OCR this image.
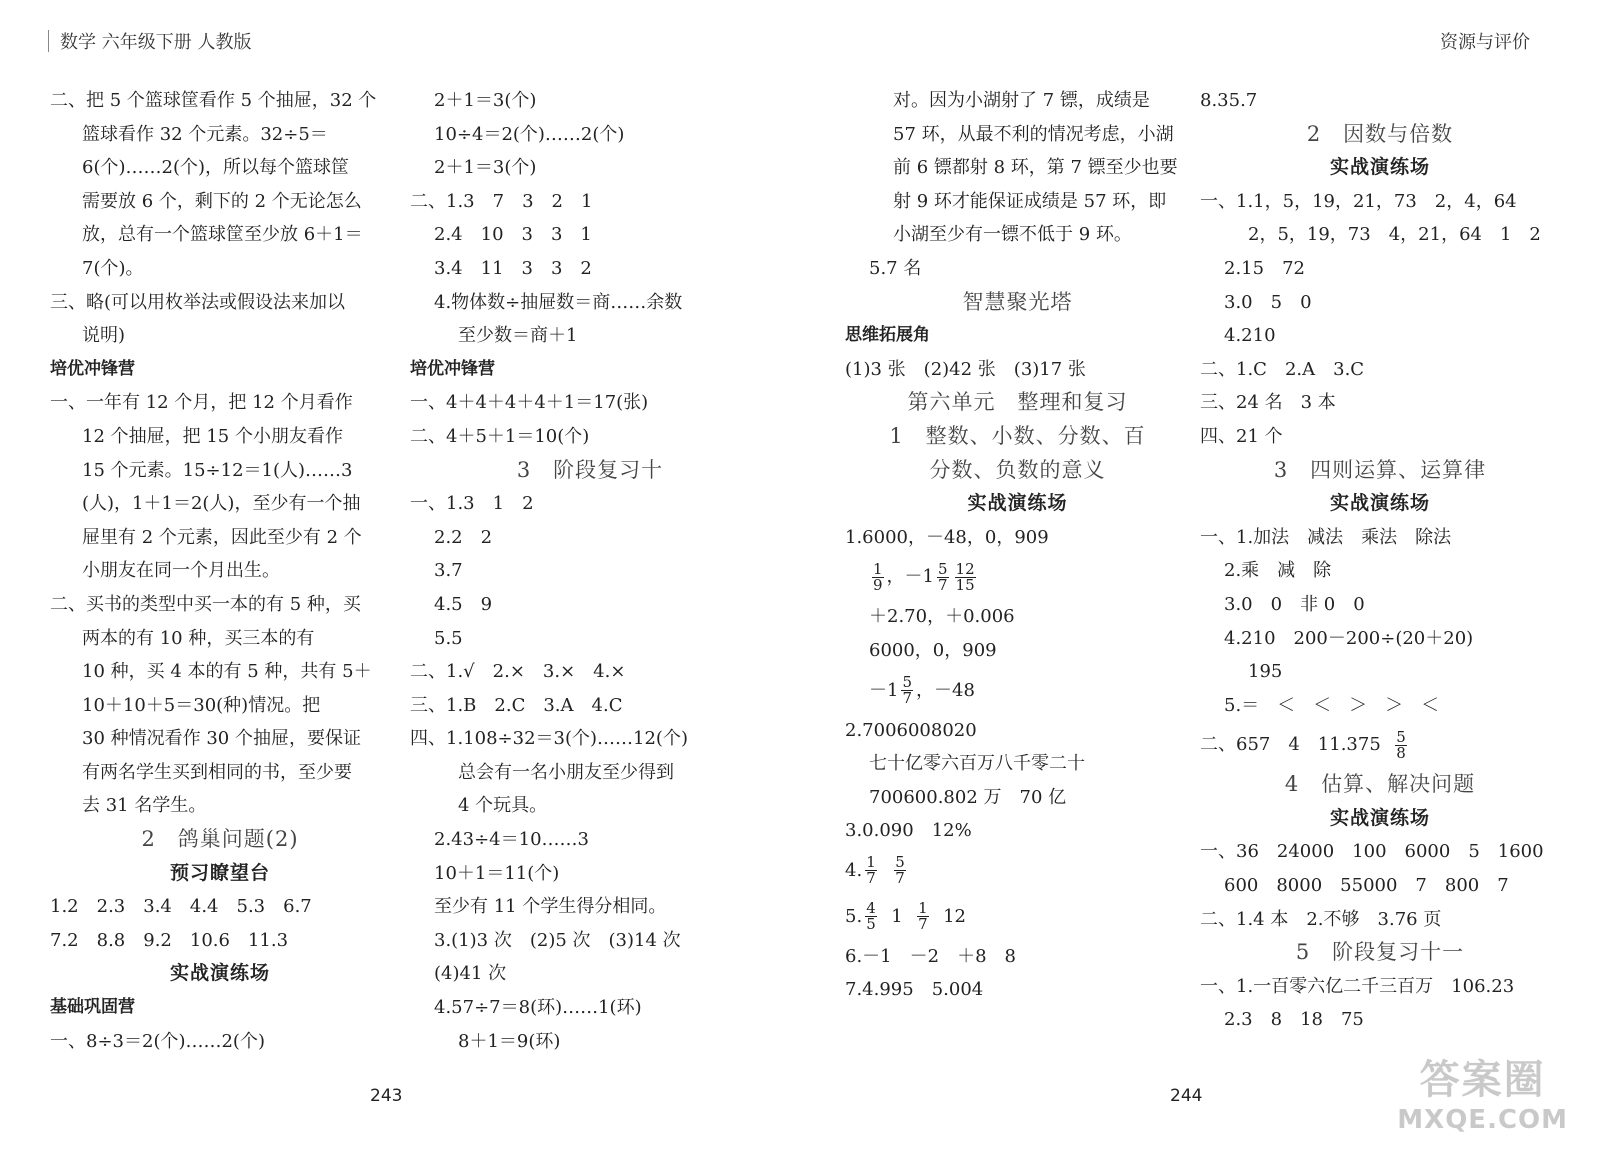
数学 六年级下册 人教版	资源与评价
二、把 5 个篮球筐看作 5 个抽屉，32 个
篮球看作 32 个元素。32÷5＝
6(个)……2(个)，所以每个篮球筐
需要放 6 个，剩下的 2 个无论怎么
放，总有一个篮球筐至少放 6＋1＝
7(个)。
三、略(可以用枚举法或假设法来加以
说明)
培优冲锋营
一、一年有 12 个月，把 12 个月看作
12 个抽屉，把 15 个小朋友看作
15 个元素。15÷12＝1(人)……3
(人)，1＋1＝2(人)，至少有一个抽
屉里有 2 个元素，因此至少有 2 个
小朋友在同一个月出生。
二、买书的类型中买一本的有 5 种，买
两本的有 10 种，买三本的有
10 种，买 4 本的有 5 种，共有 5＋
10＋10＋5＝30(种)情况。把
30 种情况看作 30 个抽屉，要保证
有两名学生买到相同的书，至少要
去 31 名学生。
2　鸽巢问题(2)
预习瞭望台
1.2　2.3　3.4　4.4　5.3　6.7
7.2　8.8　9.2　10.6　11.3
实战演练场
基础巩固营
一、8÷3＝2(个)……2(个)
2＋1＝3(个)
10÷4＝2(个)……2(个)
2＋1＝3(个)
二、1.3　7　3　2　1
2.4　10　3　3　1
3.4　11　3　3　2
4.物体数÷抽屉数＝商……余数
至少数＝商＋1
培优冲锋营
一、4＋4＋4＋4＋1＝17(张)
二、4＋5＋1＝10(个)
3　阶段复习十
一、1.3　1　2
2.2　2
3.7
4.5　9
5.5
二、1.√　2.×　3.×　4.×
三、1.B　2.C　3.A　4.C
四、1.108÷32＝3(个)……12(个)
总会有一名小朋友至少得到
4 个玩具。
2.43÷4＝10……3
10＋1＝11(个)
至少有 11 个学生得分相同。
3.(1)3 次　(2)5 次　(3)14 次
(4)41 次
4.57÷7＝8(环)……1(环)
8＋1＝9(环)
对。因为小湖射了 7 镖，成绩是
57 环，从最不利的情况考虑，小湖
前 6 镖都射 8 环，第 7 镖至少也要
射 9 环才能保证成绩是 57 环，即
小湖至少有一镖不低于 9 环。
5.7 名
智慧聚光塔
思维拓展角
(1)3 张　(2)42 张　(3)17 张
第六单元　整理和复习
1　整数、小数、分数、百
分数、负数的意义
实战演练场
1.6000，－48，0，909
$\frac{1}{9}$ ，$-1 \frac{5}{7} \frac{12}{15}$
＋2.70，＋0.006
6000，0，909
$-1 \frac{5}{7}$ ，－48
2.7006008020
七十亿零六百万八千零二十
700600.802 万　70 亿
3.0.090　12%
4. $\frac{1}{7}$
$\frac{5}{7}$
5. $\frac{4}{5} 1 \frac{1}{7} 12$
6.－1　－2　＋8　8
7.4.995　5.004
8.35.7
2　因数与倍数
实战演练场
一、1.1，5，19，21，73　2，4，64
2，5，19，73　4，21，64　1　2
2.15　72
3.0　5　0
4.210
二、1.C　2.A　3.C
三、24 名　3 本
四、21 个
3　四则运算、运算律
实战演练场
一、1.加法　减法　乘法　除法
2.乘　减　除
3.0　0　非 0　0
4.210　200－200÷(20＋20)
195
5.＝　＜　＜　＞　＞　＜
二、657　4　$11.375 \frac{5}{8}$
4　估算、解决问题
实战演练场
一、36　24000　100　6000　5　1600
600　8000　55000　7　800　7
二、1.4 本　2.不够　3.76 页
5　阶段复习十一
一、1.一百零六亿二千三百万　106.23
2.3　8　18　75
243	244	答案圈
MXQE.COM
